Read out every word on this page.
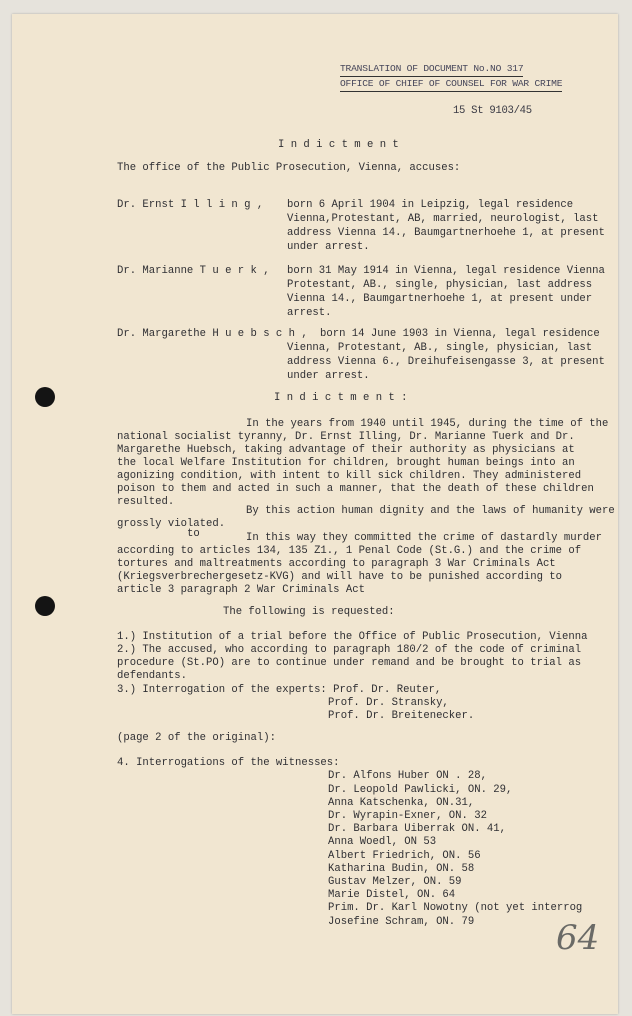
TRANSLATION OF DOCUMENT No.NO 317
OFFICE OF CHIEF OF COUNSEL FOR WAR CRIME
15 St 9103/45
I n d i c t m e n t
The office of the Public Prosecution, Vienna, accuses:
Dr. Ernst I l l i n g , born 6 April 1904 in Leipzig, legal residence
Vienna,Protestant, AB, married, neurologist, last
address Vienna 14., Baumgartnerhoehe 1, at present
under arrest.
Dr. Marianne T u e r k , born 31 May 1914 in Vienna, legal residence Vienna
Protestant, AB., single, physician, last address
Vienna 14., Baumgartnerhoehe 1, at present under
arrest.
Dr. Margarethe H u e b s c h , born 14 June 1903 in Vienna, legal residence
Vienna, Protestant, AB., single, physician, last
address Vienna 6., Dreihufeisengasse 3, at present
under arrest.
I n d i c t m e n t :
In the years from 1940 until 1945, during the time of the
national socialist tyranny, Dr. Ernst Illing, Dr. Marianne Tuerk and Dr.
Margarethe Huebsch, taking advantage of their authority as physicians at
the local Welfare Institution for children, brought human beings into an
agonizing condition, with intent to kill sick children. They administered
poison to them and acted in such a manner, that the death of these children
resulted.
By this action human dignity and the laws of humanity were
grossly violated.
to	In this way they committed the crime of dastardly murder
according to articles 134, 135 Z1., 1 Penal Code (St.G.) and the crime of
tortures and maltreatments according to paragraph 3 War Criminals Act
(Kriegsverbrechergesetz-KVG) and will have to be punished according to
article 3 paragraph 2 War Criminals Act
The following is requested:
1.) Institution of a trial before the Office of Public Prosecution, Vienna
2.) The accused, who according to paragraph 180/2 of the code of criminal
procedure (St.PO) are to continue under remand and be brought to trial as
defendants.
3.) Interrogation of the experts: Prof. Dr. Reuter,
Prof. Dr. Stransky,
Prof. Dr. Breitenecker.
(page 2 of the original):
4. Interrogations of the witnesses:
Dr. Alfons Huber ON . 28,
Dr. Leopold Pawlicki, ON. 29,
Anna Katschenka, ON.31,
Dr. Wyrapin-Exner, ON. 32
Dr. Barbara Uiberrak ON. 41,
Anna Woedl, ON 53
Albert Friedrich, ON. 56
Katharina Budin, ON. 58
Gustav Melzer, ON. 59
Marie Distel, ON. 64
Prim. Dr. Karl Nowotny (not yet interrog
Josefine Schram, ON. 79 64
